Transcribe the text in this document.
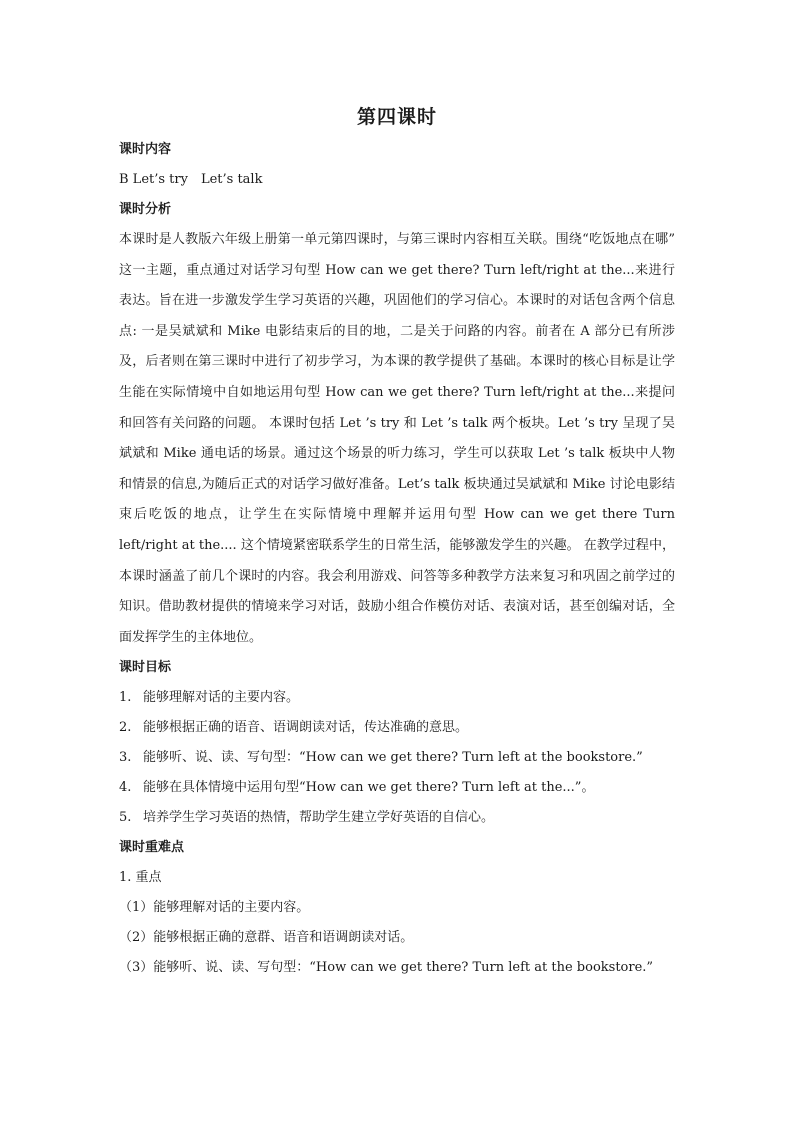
第四课时
课时内容
B Let’s try　Let’s talk
课时分析

本课时是人教版六年级上册第一单元第四课时，与第三课时内容相互关联。围绕“吃饭地点在哪” 这一主题，重点通过对话学习句型 How can we get there? Turn left/right at the...来进行表达。旨在进一步激发学生学习英语的兴趣，巩固他们的学习信心。本课时的对话包含两个信息点: 一是吴斌斌和 Mike 电影结束后的目的地，二是关于问路的内容。前者在 A 部分已有所涉及，后者则在第三课时中进行了初步学习，为本课的教学提供了基础。本课时的核心目标是让学生能在实际情境中自如地运用句型 How can we get there? Turn left/right at the...来提问和回答有关问路的问题。 本课时包括 Let ’s try 和 Let ’s talk 两个板块。Let ’s try 呈现了吴斌斌和 Mike 通电话的场景。通过这个场景的听力练习，学生可以获取 Let ’s talk 板块中人物和情景的信息,为随后正式的对话学习做好准备。Let’s talk 板块通过吴斌斌和 Mike 讨论电影结束后吃饭的地点，让学生在实际情境中理解并运用句型 How can we get there Turn left/right at the.... 这个情境紧密联系学生的日常生活，能够激发学生的兴趣。 在教学过程中，本课时涵盖了前几个课时的内容。我会利用游戏、问答等多种教学方法来复习和巩固之前学过的知识。借助教材提供的情境来学习对话，鼓励小组合作模仿对话、表演对话，甚至创编对话，全面发挥学生的主体地位。

课时目标
1. 能够理解对话的主要内容。
2. 能够根据正确的语音、语调朗读对话，传达准确的意思。
3. 能够听、说、读、写句型：“How can we get there? Turn left at the bookstore.”
4. 能够在具体情境中运用句型“How can we get there? Turn left at the...”。
5. 培养学生学习英语的热情，帮助学生建立学好英语的自信心。
课时重难点
1. 重点
（1）能够理解对话的主要内容。
（2）能够根据正确的意群、语音和语调朗读对话。
（3）能够听、说、读、写句型：“How can we get there? Turn left at the bookstore.”
